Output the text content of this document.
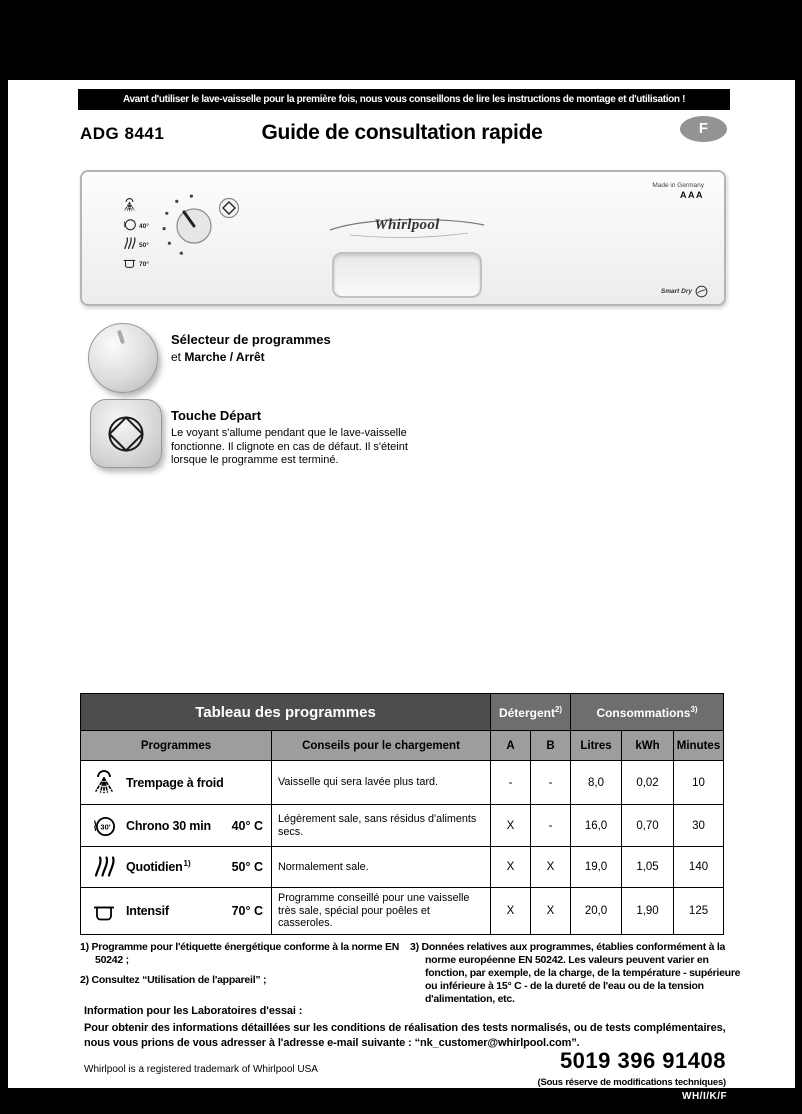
Avant d'utiliser le lave-vaisselle pour la première fois, nous vous conseillons de lire les instructions de montage et d'utilisation !
ADG 8441	Guide de consultation rapide	F
40°
50°
70°
Whirlpool
Made in Germany
AAA
Smart Dry
Sélecteur de programmes
et Marche / Arrêt
Touche Départ
Le voyant s'allume pendant que le lave-vaisselle fonctionne. Il clignote en cas de défaut. Il s'éteint lorsque le programme est terminé.
Tableau des programmes		Détergent$^{2)}$		Consommations$^{3)}$
Programmes	Conseils pour le chargement	A	B	Litres	kWh	Minutes

Trempage à froid	Vaisselle qui sera lavée plus tard.	-	-	8,0	0,02	10

30' Chrono 30 min 40° C	Légèrement sale, sans résidus d'aliments secs.	X	-	16,0	0,70	30

Quotidien$^{1)}$ 50° C	Normalement sale.	X	X	19,0	1,05	140

Intensif 70° C	Programme conseillé pour une vaisselle très sale, spécial pour poêles et casseroles.	X	X	20,0	1,90	125
1) Programme pour l'étiquette énergétique conforme à la norme EN 50242 ;
2) Consultez “Utilisation de l'appareil” ;
3) Données relatives aux programmes, établies conformément à la norme européenne EN 50242. Les valeurs peuvent varier en fonction, par exemple, de la charge, de la température - supérieure ou inférieure à 15° C - de la dureté de l'eau ou de la tension d'alimentation, etc.
Information pour les Laboratoires d'essai :
Pour obtenir des informations détaillées sur les conditions de réalisation des tests normalisés, ou de tests complémentaires, nous vous prions de vous adresser à l'adresse e-mail suivante : “nk_customer@whirlpool.com”.
Whirlpool is a registered trademark of Whirlpool USA	5019 396 91408
(Sous réserve de modifications techniques)
WH/I/K/F
